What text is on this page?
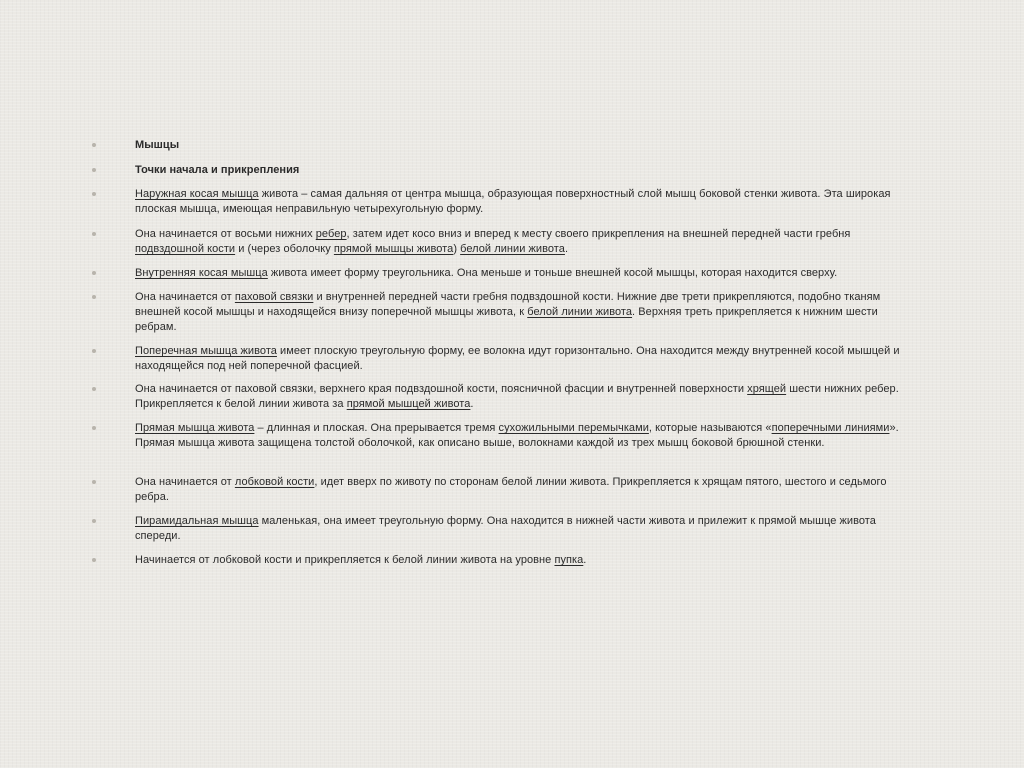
Мышцы
Точки начала и прикрепления
Наружная косая мышца живота – самая дальняя от центра мышца, образующая поверхностный слой мышц боковой стенки живота. Эта широкая плоская мышца, имеющая неправильную четырехугольную форму.
Она начинается от восьми нижних ребер, затем идет косо вниз и вперед к месту своего прикрепления на внешней передней части гребня подвздошной кости и (через оболочку прямой мышцы живота) белой линии живота.
Внутренняя косая мышца живота имеет форму треугольника. Она меньше и тоньше внешней косой мышцы, которая находится сверху.
Она начинается от паховой связки и внутренней передней части гребня подвздошной кости. Нижние две трети прикрепляются, подобно тканям внешней косой мышцы и находящейся внизу поперечной мышцы живота, к белой линии живота. Верхняя треть прикрепляется к нижним шести ребрам.
Поперечная мышца живота имеет плоскую треугольную форму, ее волокна идут горизонтально. Она находится между внутренней косой мышцей и находящейся под ней поперечной фасцией.
Она начинается от паховой связки, верхнего края подвздошной кости, поясничной фасции и внутренней поверхности хрящей шести нижних ребер. Прикрепляется к белой линии живота за прямой мышцей живота.
Прямая мышца живота – длинная и плоская. Она прерывается тремя сухожильными перемычками, которые называются «поперечными линиями». Прямая мышца живота защищена толстой оболочкой, как описано выше, волокнами каждой из трех мышц боковой брюшной стенки.
Она начинается от лобковой кости, идет вверх по животу по сторонам белой линии живота. Прикрепляется к хрящам пятого, шестого и седьмого ребра.
Пирамидальная мышца маленькая, она имеет треугольную форму. Она находится в нижней части живота и прилежит к прямой мышце живота спереди.
Начинается от лобковой кости и прикрепляется к белой линии живота на уровне пупка.
